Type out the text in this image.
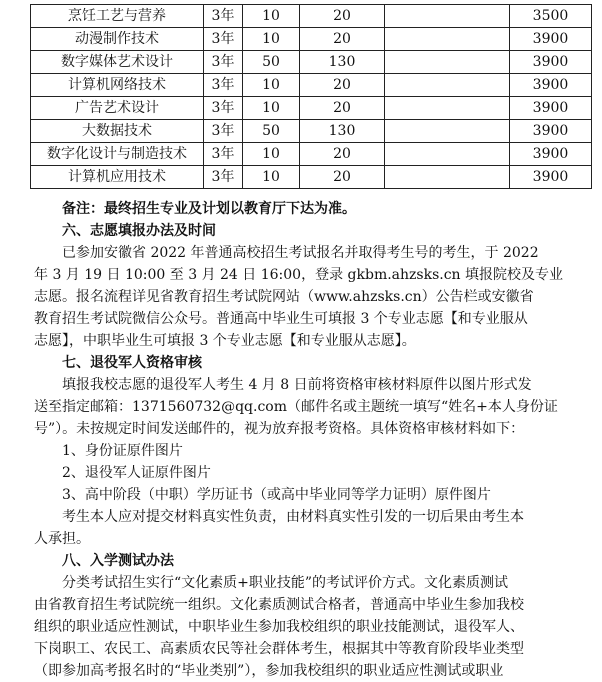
烹饪工艺与营养	3年	10	20		3500
动漫制作技术	3年	10	20		3900
数字媒体艺术设计	3年	50	130		3900
计算机网络技术	3年	10	20		3900
广告艺术设计	3年	10	20		3900
大数据技术	3年	50	130		3900
数字化设计与制造技术	3年	10	20		3900
计算机应用技术	3年	10	20		3900
备注：最终招生专业及计划以教育厅下达为准。
六、志愿填报办法及时间
已参加安徽省 2022 年普通高校招生考试报名并取得考生号的考生，于 2022
年 3 月 19 日 10:00 至 3 月 24 日 16:00，登录 gkbm.ahzsks.cn 填报院校及专业
志愿。报名流程详见省教育招生考试院网站（www.ahzsks.cn）公告栏或安徽省
教育招生考试院微信公众号。普通高中毕业生可填报 3 个专业志愿【和专业服从
志愿】，中职毕业生可填报 3 个专业志愿【和专业服从志愿】。
七、退役军人资格审核
填报我校志愿的退役军人考生 4 月 8 日前将资格审核材料原件以图片形式发
送至指定邮箱：1371560732@qq.com（邮件名或主题统一填写“姓名+本人身份证
号”）。未按规定时间发送邮件的，视为放弃报考资格。具体资格审核材料如下：
1、身份证原件图片
2、退役军人证原件图片
3、高中阶段（中职）学历证书（或高中毕业同等学力证明）原件图片
考生本人应对提交材料真实性负责，由材料真实性引发的一切后果由考生本
人承担。
八、入学测试办法
分类考试招生实行“文化素质+职业技能”的考试评价方式。文化素质测试
由省教育招生考试院统一组织。文化素质测试合格者，普通高中毕业生参加我校
组织的职业适应性测试，中职毕业生参加我校组织的职业技能测试，退役军人、
下岗职工、农民工、高素质农民等社会群体考生，根据其中等教育阶段毕业类型
（即参加高考报名时的“毕业类别”），参加我校组织的职业适应性测试或职业
